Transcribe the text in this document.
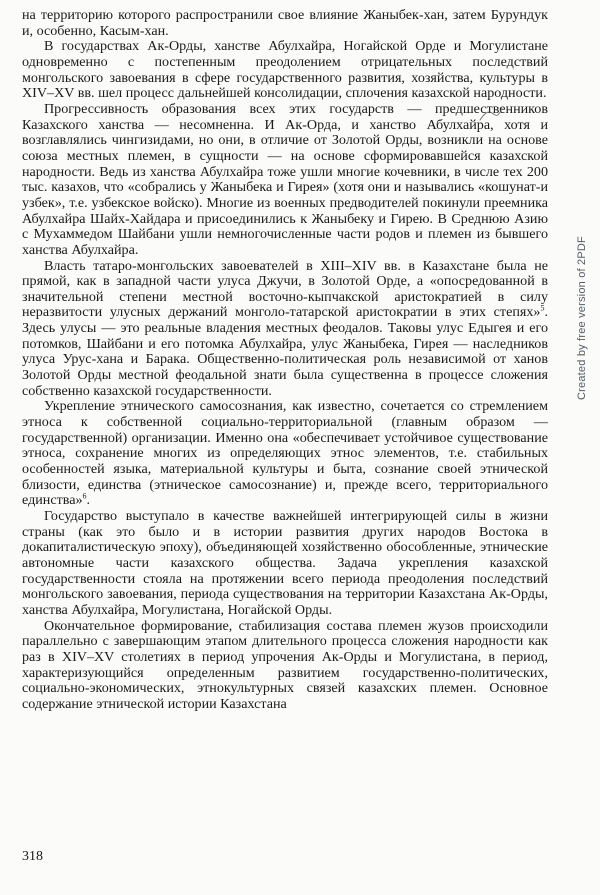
на территорию которого распространили свое влияние Жаныбек-хан, затем Бурундук и, особенно, Касым-хан.

В государствах Ак-Орды, ханстве Абулхайра, Ногайской Орде и Могулистане одновременно с постепенным преодолением отрицательных последствий монгольского завоевания в сфере государственного развития, хозяйства, культуры в XIV–XV вв. шел процесс дальнейшей консолидации, сплочения казахской народности.

Прогрессивность образования всех этих государств — предшественников Казахского ханства — несомненна. И Ак-Орда, и ханство Абулхайра, хотя и возглавлялись чингизидами, но они, в отличие от Золотой Орды, возникли на основе союза местных племен, в сущности — на основе сформировавшейся казахской народности. Ведь из ханства Абулхайра тоже ушли многие кочевники, в числе тех 200 тыс. казахов, что «собрались у Жаныбека и Гирея» (хотя они и назывались «кошунат-и узбек», т.е. узбекское войско). Многие из военных предводителей покинули преемника Абулхайра Шайх-Хайдара и присоединились к Жаныбеку и Гирею. В Среднюю Азию с Мухаммедом Шайбани ушли немногочисленные части родов и племен из бывшего ханства Абулхайра.

Власть татаро-монгольских завоевателей в XIII–XIV вв. в Казахстане была не прямой, как в западной части улуса Джучи, в Золотой Орде, а «опосредованной в значительной степени местной восточно-кыпчакской аристократией в силу неразвитости улусных держаний монголо-татарской аристократии в этих степях»$^5$. Здесь улусы — это реальные владения местных феодалов. Таковы улус Едыгея и его потомков, Шайбани и его потомка Абулхайра, улус Жаныбека, Гирея — наследников улуса Урус-хана и Барака. Общественно-политическая роль независимой от ханов Золотой Орды местной феодальной знати была существенна в процессе сложения собственно казахской государственности.

Укрепление этнического самосознания, как известно, сочетается со стремлением этноса к собственной социально-территориальной (главным образом — государственной) организации. Именно она «обеспечивает устойчивое существование этноса, сохранение многих из определяющих этнос элементов, т.е. стабильных особенностей языка, материальной культуры и быта, сознание своей этнической близости, единства (этническое самосознание) и, прежде всего, территориального единства»$^6$.

Государство выступало в качестве важнейшей интегрирующей силы в жизни страны (как это было и в истории развития других народов Востока в докапиталистическую эпоху), объединяющей хозяйственно обособленные, этнические автономные части казахского общества. Задача укрепления казахской государственности стояла на протяжении всего периода преодоления последствий монгольского завоевания, периода существования на территории Казахстана Ак-Орды, ханства Абулхайра, Могулистана, Ногайской Орды.

Окончательное формирование, стабилизация состава племен жузов происходили параллельно с завершающим этапом длительного процесса сложения народности как раз в XIV–XV столетиях в период упрочения Ак-Орды и Могулистана, в период, характеризующийся определенным развитием государственно-политических, социально-экономических, этнокультурных связей казахских племен. Основное содержание этнической истории Казахстана

318
Created by free version of 2PDF
